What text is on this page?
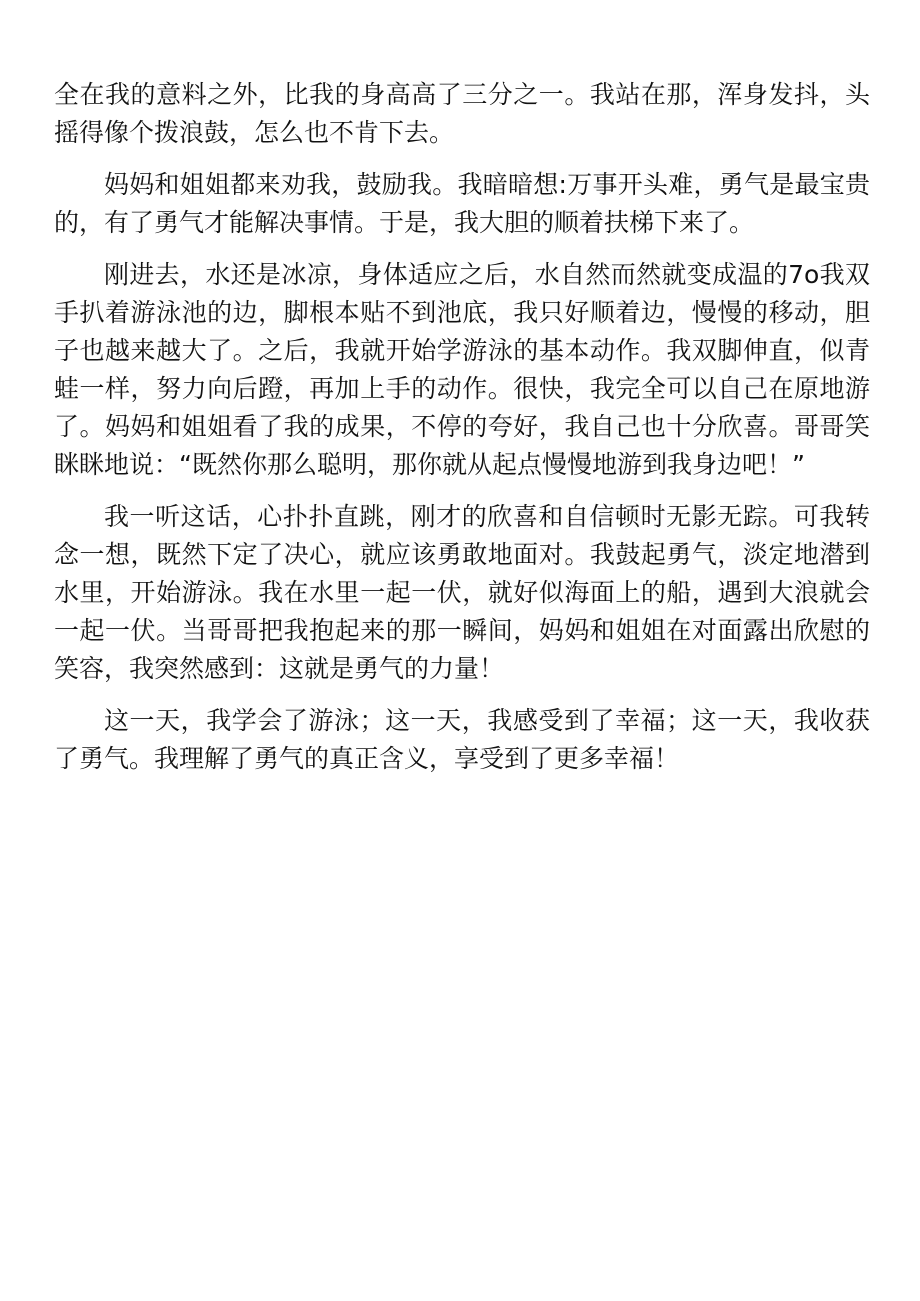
全在我的意料之外，比我的身高高了三分之一。我站在那，浑身发抖，头摇得像个拨浪鼓，怎么也不肯下去。

妈妈和姐姐都来劝我，鼓励我。我暗暗想:万事开头难，勇气是最宝贵的，有了勇气才能解决事情。于是，我大胆的顺着扶梯下来了。

刚进去，水还是冰凉，身体适应之后，水自然而然就变成温的7o我双手扒着游泳池的边，脚根本贴不到池底，我只好顺着边，慢慢的移动，胆子也越来越大了。之后，我就开始学游泳的基本动作。我双脚伸直，似青蛙一样，努力向后蹬，再加上手的动作。很快，我完全可以自己在原地游了。妈妈和姐姐看了我的成果，不停的夸好，我自己也十分欣喜。哥哥笑眯眯地说：“既然你那么聪明，那你就从起点慢慢地游到我身边吧！”

我一听这话，心扑扑直跳，刚才的欣喜和自信顿时无影无踪。可我转念一想，既然下定了决心，就应该勇敢地面对。我鼓起勇气，淡定地潜到水里，开始游泳。我在水里一起一伏，就好似海面上的船，遇到大浪就会一起一伏。当哥哥把我抱起来的那一瞬间，妈妈和姐姐在对面露出欣慰的笑容，我突然感到：这就是勇气的力量！

这一天，我学会了游泳；这一天，我感受到了幸福；这一天，我收获了勇气。我理解了勇气的真正含义，享受到了更多幸福！
